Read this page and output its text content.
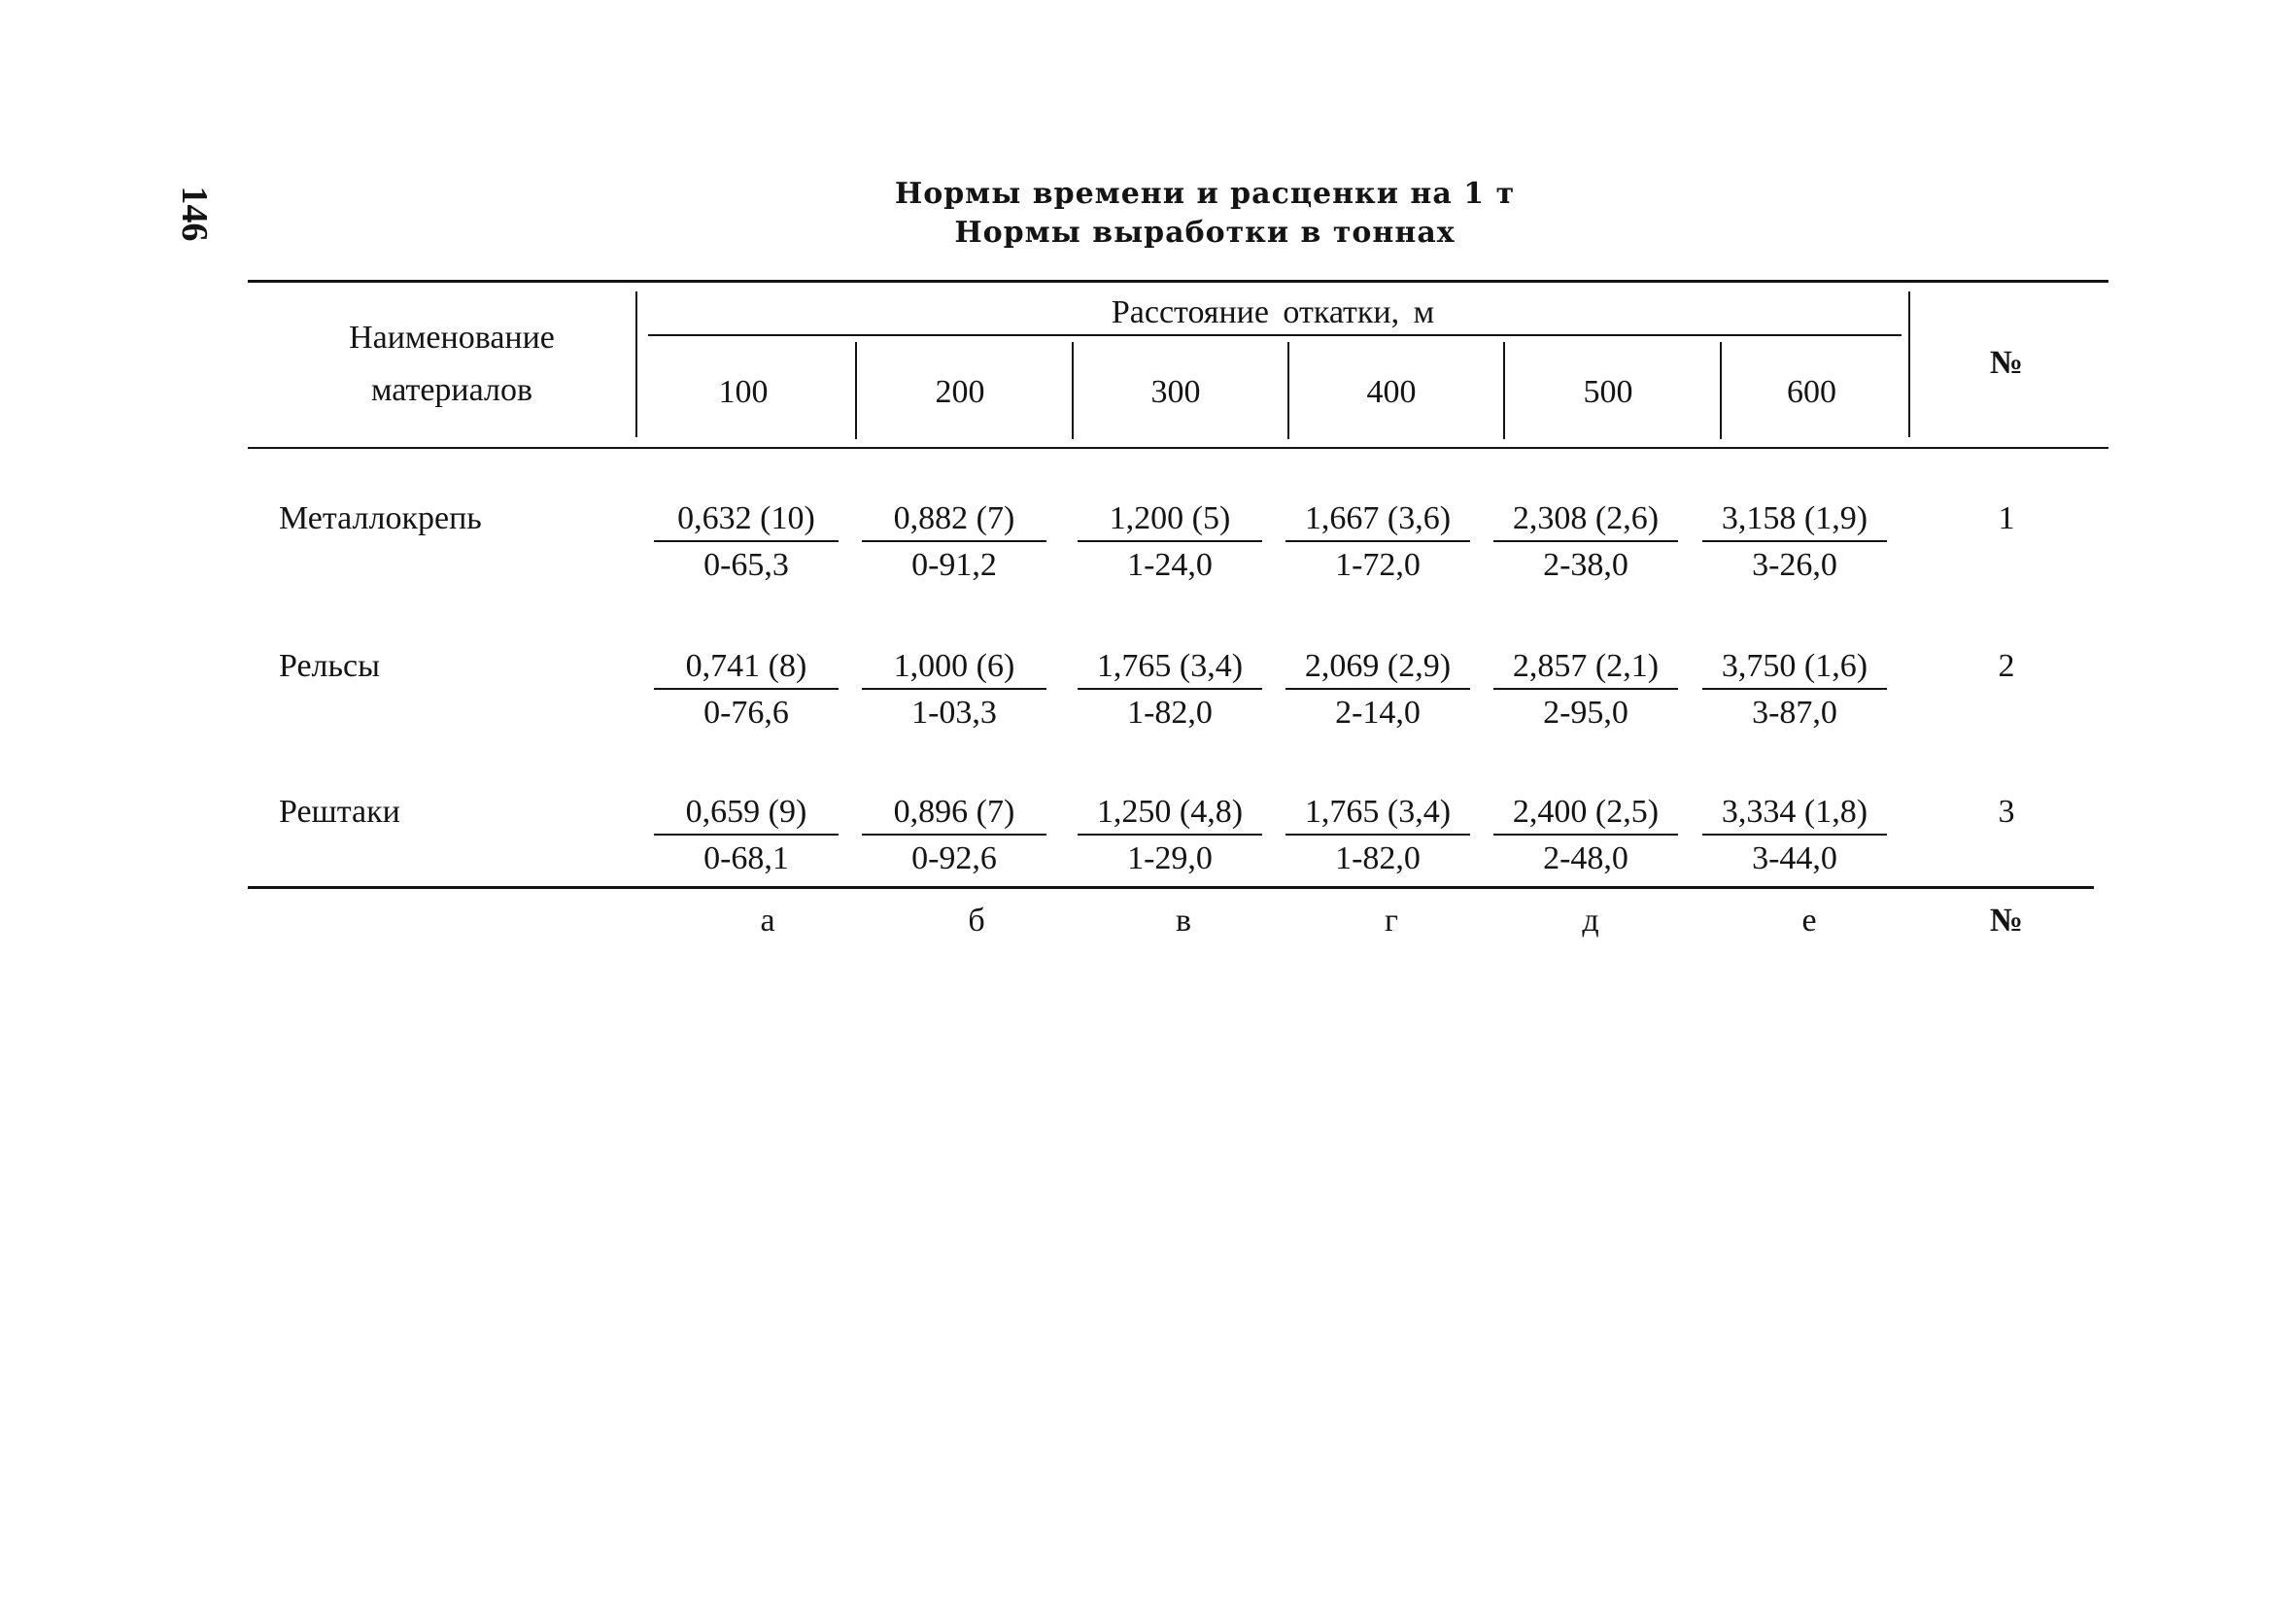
146	Нормы времени и расценки на 1 т
Нормы выработки в тоннах
Наименование
материалов
Расстояние откатки, м
100	200	300	400	500	600
№
Металлокрепь	$\frac{0,632 (10)}{0-65,3} \frac{0,882 (7)}{0-91,2} \frac{1,200 (5)}{1-24,0} \frac{1,667 (3,6)}{1-72,0} \frac{2,308 (2,6)}{2-38,0} \frac{3,158 (1,9)}{3-26,0}$	1
Рельсы	$\frac{0,741 (8)}{0-76,6} \frac{1,000 (6)}{1-03,3} \frac{1,765 (3,4)}{1-82,0} \frac{2,069 (2,9)}{2-14,0} \frac{2,857 (2,1)}{2-95,0} \frac{3,750 (1,6)}{3-87,0}$	2
Рештаки	$\frac{0,659 (9)}{0-68,1} \frac{0,896 (7)}{0-92,6} \frac{1,250 (4,8)}{1-29,0} \frac{1,765 (3,4)}{1-82,0} \frac{2,400 (2,5)}{2-48,0} \frac{3,334 (1,8)}{3-44,0}$	3
а	б	в	г	д	е	№
